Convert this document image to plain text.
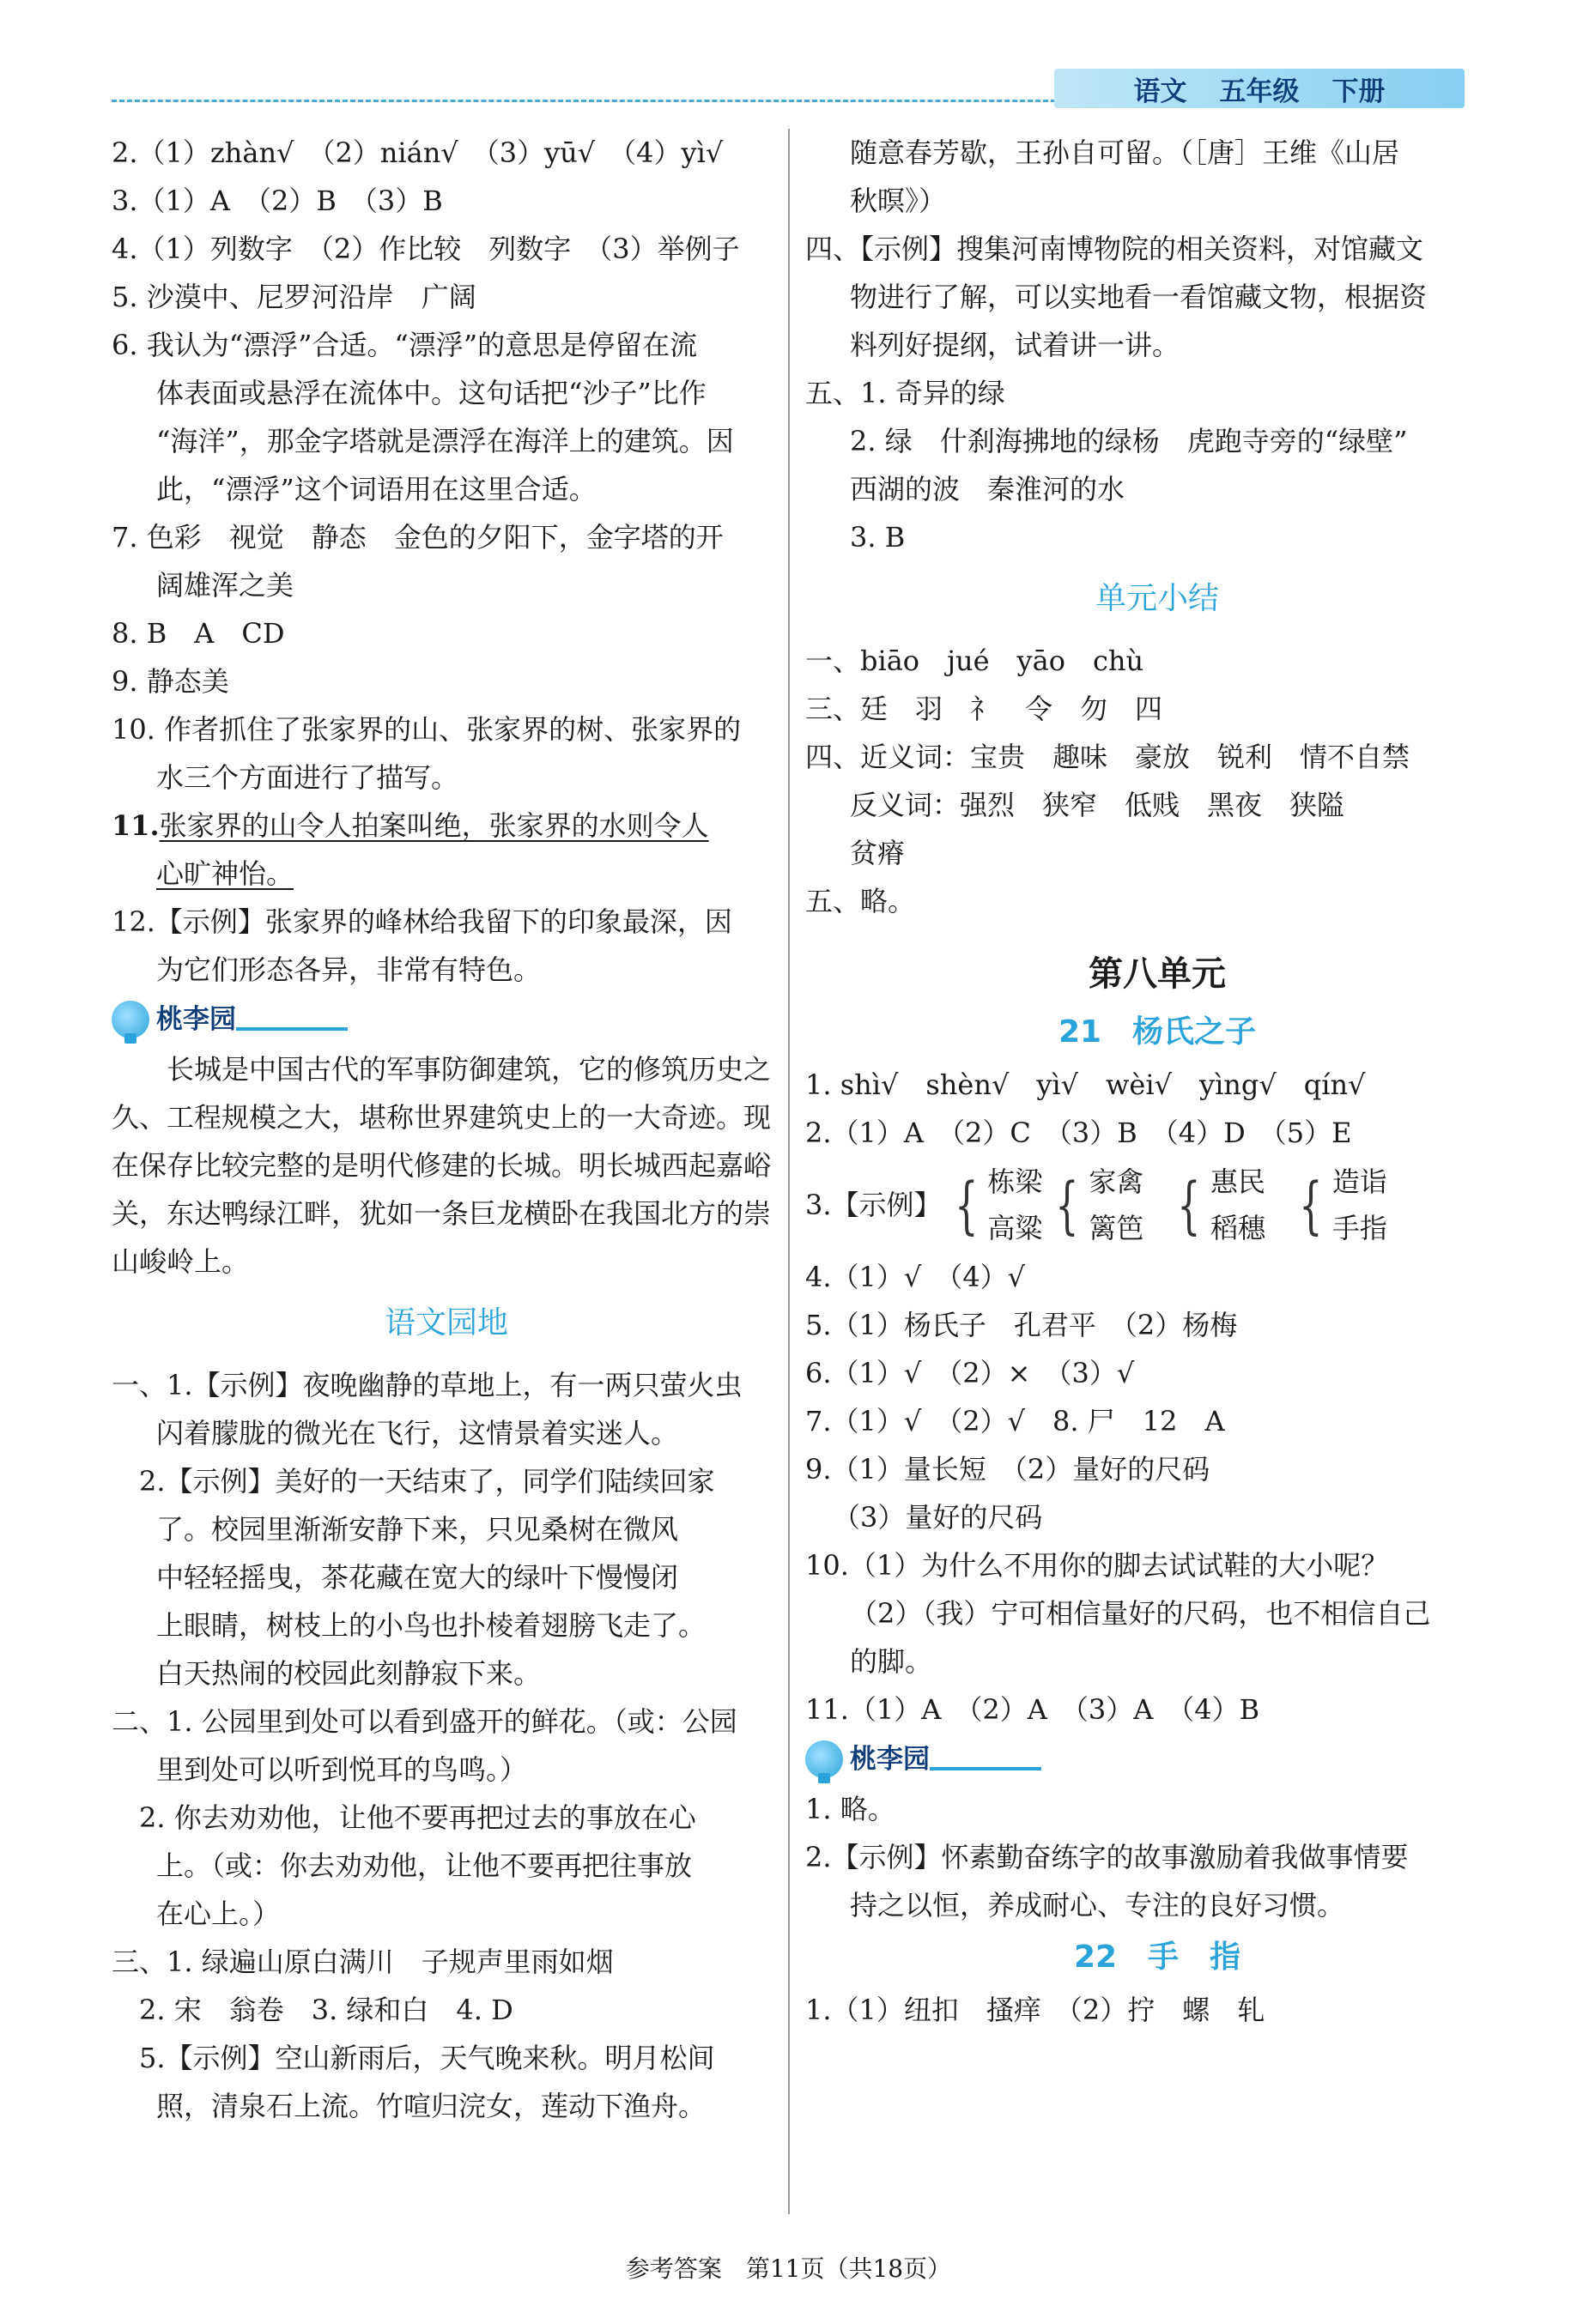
语文 五年级 下册
2.（1）zhàn√　（2）nián√　（3）yū√　（4）yì√
3.（1）A　（2）B　（3）B
4.（1）列数字　（2）作比较　列数字　（3）举例子
5. 沙漠中、尼罗河沿岸　广阔
6. 我认为“漂浮”合适。“漂浮”的意思是停留在流
体表面或悬浮在流体中。这句话把“沙子”比作
“海洋”，那金字塔就是漂浮在海洋上的建筑。因
此，“漂浮”这个词语用在这里合适。
7. 色彩　视觉　静态　金色的夕阳下，金字塔的开
阔雄浑之美
8. B　A　CD
9. 静态美
10. 作者抓住了张家界的山、张家界的树、张家界的
水三个方面进行了描写。
11.张家界的山令人拍案叫绝，张家界的水则令人
心旷神怡。
12.【示例】张家界的峰林给我留下的印象最深，因
为它们形态各异，非常有特色。
桃李园
长城是中国古代的军事防御建筑，它的修筑历史之久、工程规模之大，堪称世界建筑史上的一大奇迹。现在保存比较完整的是明代修建的长城。明长城西起嘉峪关，东达鸭绿江畔，犹如一条巨龙横卧在我国北方的崇山峻岭上。
语文园地
一、1.【示例】夜晚幽静的草地上，有一两只萤火虫
闪着朦胧的微光在飞行，这情景着实迷人。
2.【示例】美好的一天结束了，同学们陆续回家
了。校园里渐渐安静下来，只见桑树在微风
中轻轻摇曳，茶花藏在宽大的绿叶下慢慢闭
上眼睛，树枝上的小鸟也扑棱着翅膀飞走了。
白天热闹的校园此刻静寂下来。
二、1. 公园里到处可以看到盛开的鲜花。（或：公园
里到处可以听到悦耳的鸟鸣。）
2. 你去劝劝他，让他不要再把过去的事放在心
上。（或：你去劝劝他，让他不要再把往事放
在心上。）
三、1. 绿遍山原白满川　子规声里雨如烟
2. 宋　翁卷　3. 绿和白　4. D
5.【示例】空山新雨后，天气晚来秋。明月松间
照，清泉石上流。竹喧归浣女，莲动下渔舟。
随意春芳歇，王孙自可留。（［唐］王维《山居
秋暝》）
四、【示例】搜集河南博物院的相关资料，对馆藏文
物进行了解，可以实地看一看馆藏文物，根据资
料列好提纲，试着讲一讲。
五、1. 奇异的绿
2. 绿　什刹海拂地的绿杨　虎跑寺旁的“绿壁”
西湖的波　秦淮河的水
3. B
单元小结
一、biāo　jué　yāo　chù
三、廷　羽　礻　令　勿　四
四、近义词：宝贵　趣味　豪放　锐利　情不自禁
反义词：强烈　狭窄　低贱　黑夜　狭隘
贫瘠
五、略。
第八单元
21　杨氏之子
1. shì√　shèn√　yì√　wèi√　yìng√　qín√
2.（1）A　（2）C　（3）B　（4）D　（5）E
3.【示例】 { 栋梁
高粱 { 家禽
篱笆 { 惠民
稻穗 { 造诣
手指
4.（1）√　（4）√
5.（1）杨氏子　孔君平　（2）杨梅
6.（1）√　（2）×　（3）√
7.（1）√　（2）√　8. 尸　12　A
9.（1）量长短　（2）量好的尺码
（3）量好的尺码
10.（1）为什么不用你的脚去试试鞋的大小呢？
（2）（我）宁可相信量好的尺码，也不相信自己
的脚。
11.（1）A　（2）A　（3）A　（4）B
桃李园
1. 略。
2.【示例】怀素勤奋练字的故事激励着我做事情要
持之以恒，养成耐心、专注的良好习惯。
22　手　指
1.（1）纽扣　搔痒　（2）拧　螺　轧
参考答案　第11页（共18页）
